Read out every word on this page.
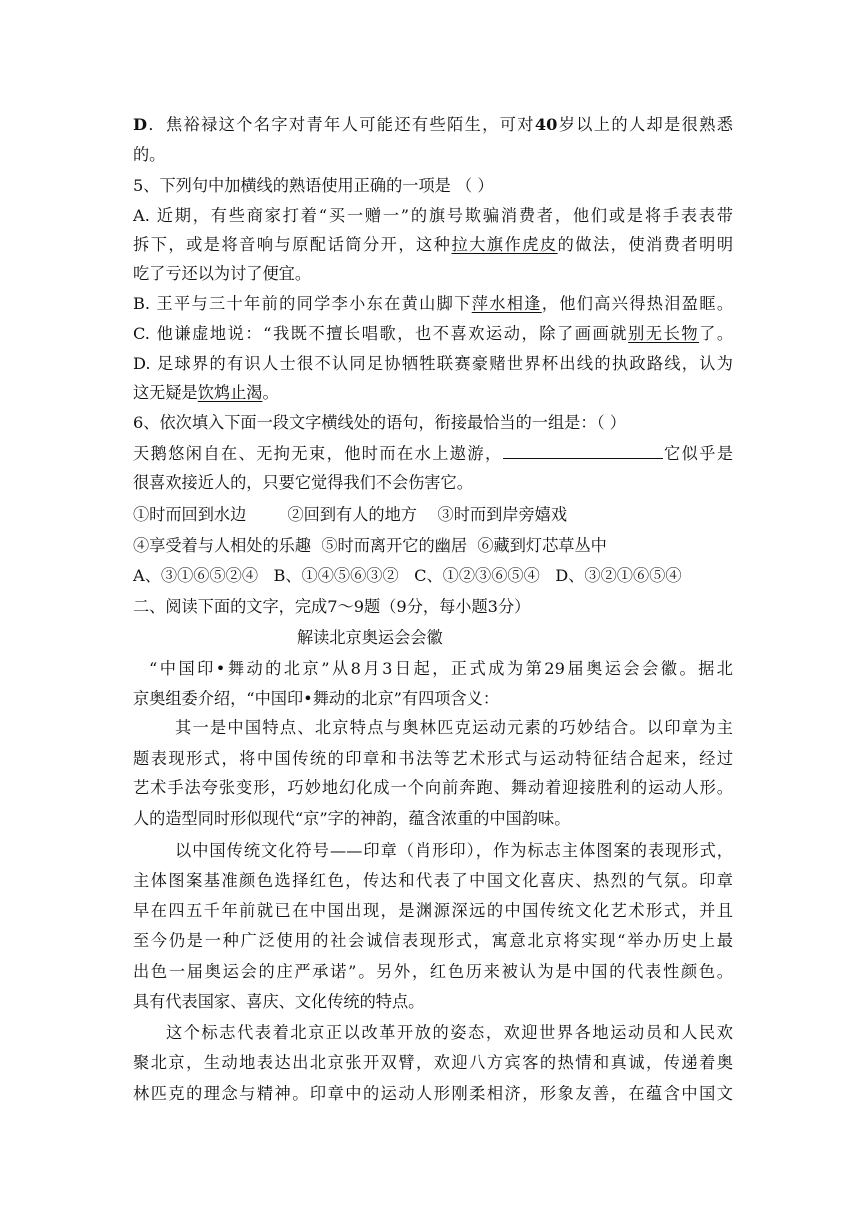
D．焦裕禄这个名字对青年人可能还有些陌生，可对40岁以上的人却是很熟悉
的。
5、下列句中加横线的熟语使用正确的一项是 （ ）
A. 近期，有些商家打着“买一赠一”的旗号欺骗消费者，他们或是将手表表带
拆下，或是将音响与原配话筒分开，这种拉大旗作虎皮的做法，使消费者明明
吃了亏还以为讨了便宜。
B. 王平与三十年前的同学李小东在黄山脚下萍水相逢，他们高兴得热泪盈眶。
C. 他谦虚地说：“我既不擅长唱歌，也不喜欢运动，除了画画就别无长物了。
D. 足球界的有识人士很不认同足协牺牲联赛豪赌世界杯出线的执政路线，认为
这无疑是饮鸩止渴。
6、依次填入下面一段文字横线处的语句，衔接最恰当的一组是：（ ）
天鹅悠闲自在、无拘无束，他时而在水上遨游，	它似乎是
很喜欢接近人的，只要它觉得我们不会伤害它。
①时而回到水边        ②回到有人的地方    ③时而到岸旁嬉戏
④享受着与人相处的乐趣  ⑤时而离开它的幽居  ⑥藏到灯芯草丛中
A、③①⑥⑤②④   B、①④⑤⑥③②   C、①②③⑥⑤④   D、③②①⑥⑤④
二、阅读下面的文字，完成7～9题（9分，每小题3分）
解读北京奥运会会徽
“中国印•舞动的北京”从8月3日起，正式成为第29届奥运会会徽。据北
京奥组委介绍，“中国印•舞动的北京”有四项含义：
其一是中国特点、北京特点与奥林匹克运动元素的巧妙结合。以印章为主
题表现形式，将中国传统的印章和书法等艺术形式与运动特征结合起来，经过
艺术手法夸张变形，巧妙地幻化成一个向前奔跑、舞动着迎接胜利的运动人形。
人的造型同时形似现代“京”字的神韵，蕴含浓重的中国韵味。
以中国传统文化符号——印章（肖形印），作为标志主体图案的表现形式，
主体图案基准颜色选择红色，传达和代表了中国文化喜庆、热烈的气氛。印章
早在四五千年前就已在中国出现，是渊源深远的中国传统文化艺术形式，并且
至今仍是一种广泛使用的社会诚信表现形式，寓意北京将实现“举办历史上最
出色一届奥运会的庄严承诺”。另外，红色历来被认为是中国的代表性颜色。
具有代表国家、喜庆、文化传统的特点。
这个标志代表着北京正以改革开放的姿态，欢迎世界各地运动员和人民欢
聚北京，生动地表达出北京张开双臂，欢迎八方宾客的热情和真诚，传递着奥
林匹克的理念与精神。印章中的运动人形刚柔相济，形象友善，在蕴含中国文
